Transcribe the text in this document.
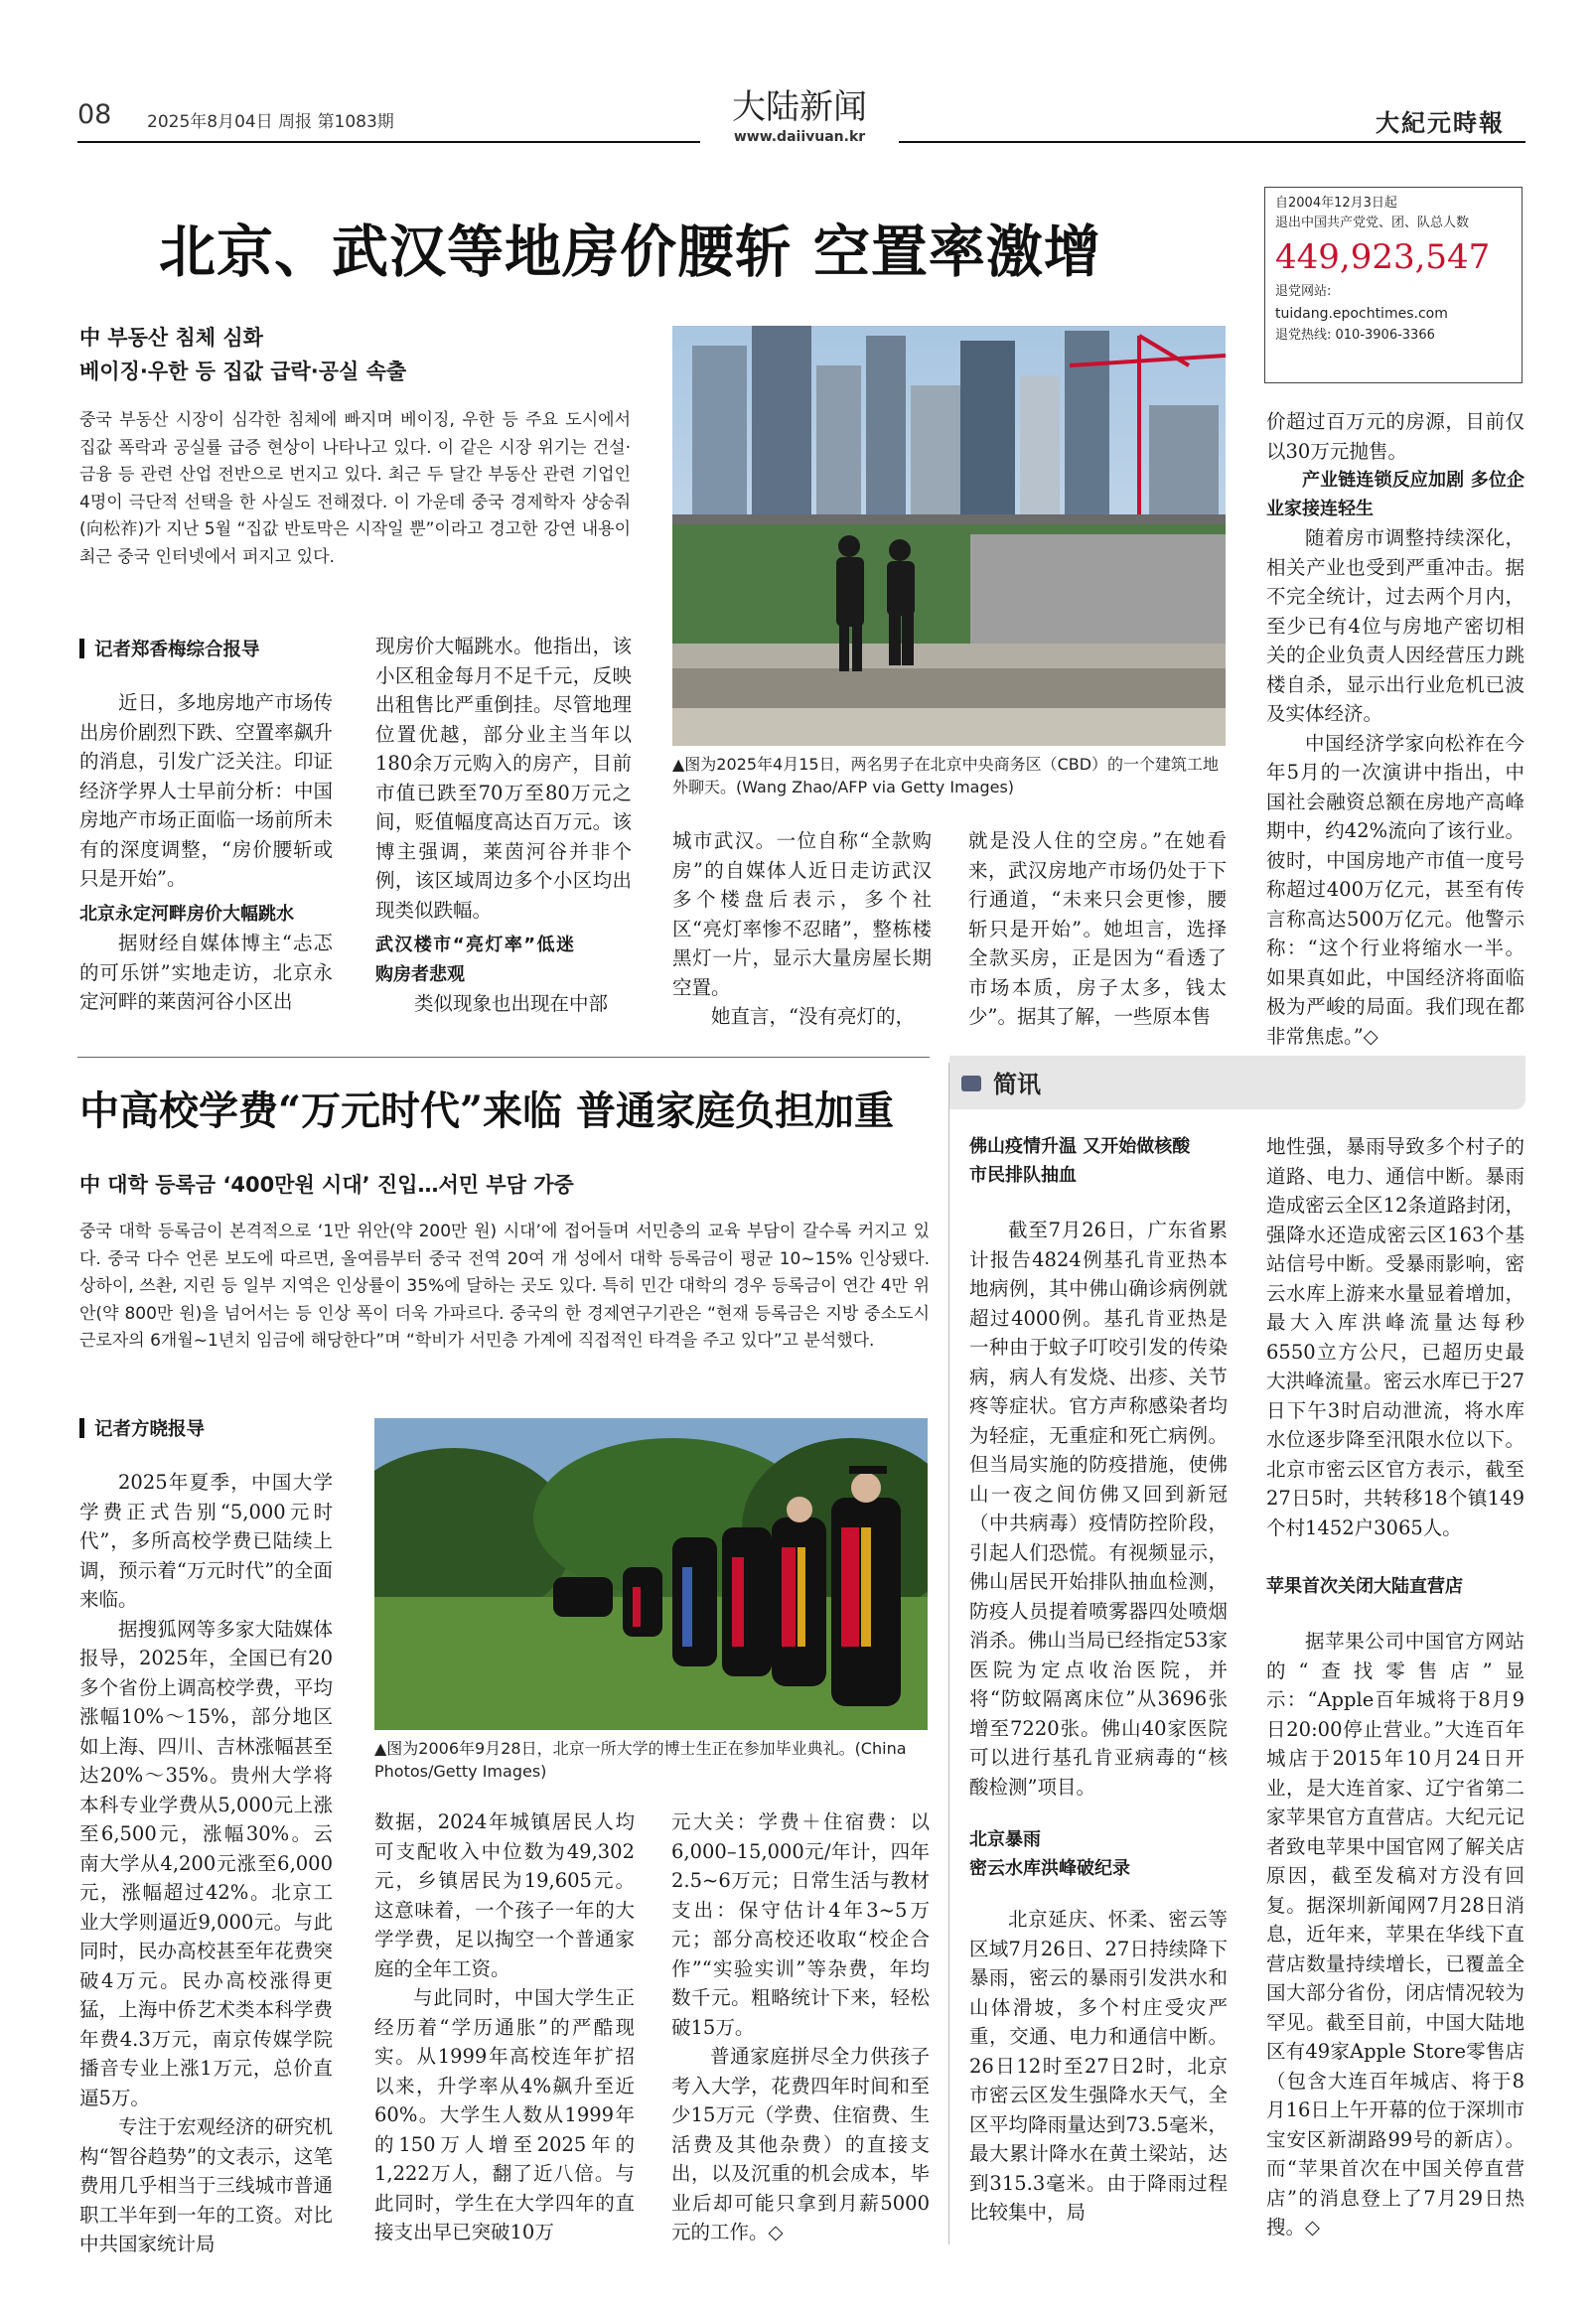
08 2025年8月04日 周报 第1083期	大陆新闻
www.dajiyuan.kr	大紀元時報
北京、武汉等地房价腰斩 空置率激增
自2004年12月3日起
退出中国共产党党、团、队总人数
449,923,547
退党网站:
tuidang.epochtimes.com
退党热线: 010-3906-3366
中 부동산 침체 심화
베이징·우한 등 집값 급락·공실 속출
중국 부동산 시장이 심각한 침체에 빠지며 베이징, 우한 등 주요 도시에서 집값 폭락과 공실률 급증 현상이 나타나고 있다. 이 같은 시장 위기는 건설·금융 등 관련 산업 전반으로 번지고 있다. 최근 두 달간 부동산 관련 기업인 4명이 극단적 선택을 한 사실도 전해졌다. 이 가운데 중국 경제학자 샹숭줘(向松祚)가 지난 5월 “집값 반토막은 시작일 뿐”이라고 경고한 강연 내용이 최근 중국 인터넷에서 퍼지고 있다.
记者郑香梅综合报导

近日，多地房地产市场传出房价剧烈下跌、空置率飙升的消息，引发广泛关注。印证经济学界人士早前分析：中国房地产市场正面临一场前所未有的深度调整，“房价腰斩或只是开始”。

北京永定河畔房价大幅跳水

据财经自媒体博主“忐忑的可乐饼”实地走访，北京永定河畔的莱茵河谷小区出

现房价大幅跳水。他指出，该小区租金每月不足千元，反映出租售比严重倒挂。尽管地理位置优越，部分业主当年以180余万元购入的房产，目前市值已跌至70万至80万元之间，贬值幅度高达百万元。该博主强调，莱茵河谷并非个例，该区域周边多个小区均出现类似跌幅。

武汉楼市“亮灯率”低迷 购房者悲观

类似现象也出现在中部

▲图为2025年4月15日，两名男子在北京中央商务区（CBD）的一个建筑工地外聊天。(Wang Zhao/AFP via Getty Images)

城市武汉。一位自称“全款购房”的自媒体人近日走访武汉多个楼盘后表示，多个社区“亮灯率惨不忍睹”，整栋楼黑灯一片，显示大量房屋长期空置。

她直言，“没有亮灯的，

就是没人住的空房。”在她看来，武汉房地产市场仍处于下行通道，“未来只会更惨，腰斩只是开始”。她坦言，选择全款买房，正是因为“看透了市场本质，房子太多，钱太少”。据其了解，一些原本售

价超过百万元的房源，目前仅以30万元抛售。

产业链连锁反应加剧 多位企业家接连轻生

随着房市调整持续深化，相关产业也受到严重冲击。据不完全统计，过去两个月内，至少已有4位与房地产密切相关的企业负责人因经营压力跳楼自杀，显示出行业危机已波及实体经济。

中国经济学家向松祚在今年5月的一次演讲中指出，中国社会融资总额在房地产高峰期中，约42%流向了该行业。彼时，中国房地产市值一度号称超过400万亿元，甚至有传言称高达500万亿元。他警示称：“这个行业将缩水一半。如果真如此，中国经济将面临极为严峻的局面。我们现在都非常焦虑。”◇

中高校学费“万元时代”来临 普通家庭负担加重
中 대학 등록금 ‘400만원 시대’ 진입…서민 부담 가중
중국 대학 등록금이 본격적으로 ‘1만 위안(약 200만 원) 시대’에 접어들며 서민층의 교육 부담이 갈수록 커지고 있다. 중국 다수 언론 보도에 따르면, 올여름부터 중국 전역 20여 개 성에서 대학 등록금이 평균 10~15% 인상됐다. 상하이, 쓰촨, 지린 등 일부 지역은 인상률이 35%에 달하는 곳도 있다. 특히 민간 대학의 경우 등록금이 연간 4만 위안(약 800만 원)을 넘어서는 등 인상 폭이 더욱 가파르다. 중국의 한 경제연구기관은 “현재 등록금은 지방 중소도시 근로자의 6개월~1년치 임금에 해당한다”며 “학비가 서민층 가계에 직접적인 타격을 주고 있다”고 분석했다.
记者方晓报导

2025年夏季，中国大学学费正式告别“5,000元时代”，多所高校学费已陆续上调，预示着“万元时代”的全面来临。

据搜狐网等多家大陆媒体报导，2025年，全国已有20多个省份上调高校学费，平均涨幅10%～15%，部分地区如上海、四川、吉林涨幅甚至达20%～35%。贵州大学将本科专业学费从5,000元上涨至6,500元，涨幅30%。云南大学从4,200元涨至6,000元，涨幅超过42%。北京工业大学则逼近9,000元。与此同时，民办高校甚至年花费突破4万元。民办高校涨得更猛，上海中侨艺术类本科学费年费4.3万元，南京传媒学院播音专业上涨1万元，总价直逼5万。

专注于宏观经济的研究机构“智谷趋势”的文表示，这笔费用几乎相当于三线城市普通职工半年到一年的工资。对比中共国家统计局

▲图为2006年9月28日，北京一所大学的博士生正在参加毕业典礼。(China Photos/Getty Images)

数据，2024年城镇居民人均可支配收入中位数为49,302元，乡镇居民为19,605元。这意味着，一个孩子一年的大学学费，足以掏空一个普通家庭的全年工资。

与此同时，中国大学生正经历着“学历通胀”的严酷现实。从1999年高校连年扩招以来，升学率从4%飙升至近60%。大学生人数从1999年的150万人增至2025年的1,222万人，翻了近八倍。与此同时，学生在大学四年的直接支出早已突破10万

元大关：学费＋住宿费：以6,000–15,000元/年计，四年2.5~6万元；日常生活与教材支出：保守估计4年3~5万元；部分高校还收取“校企合作”“实验实训”等杂费，年均数千元。粗略统计下来，轻松破15万。

普通家庭拼尽全力供孩子考入大学，花费四年时间和至少15万元（学费、住宿费、生活费及其他杂费）的直接支出，以及沉重的机会成本，毕业后却可能只拿到月薪5000元的工作。◇

简讯
佛山疫情升温 又开始做核酸
市民排队抽血

截至7月26日，广东省累计报告4824例基孔肯亚热本地病例，其中佛山确诊病例就超过4000例。基孔肯亚热是一种由于蚊子叮咬引发的传染病，病人有发烧、出疹、关节疼等症状。官方声称感染者均为轻症，无重症和死亡病例。但当局实施的防疫措施，使佛山一夜之间仿佛又回到新冠（中共病毒）疫情防控阶段，引起人们恐慌。有视频显示，佛山居民开始排队抽血检测，防疫人员提着喷雾器四处喷烟消杀。佛山当局已经指定53家医院为定点收治医院，并将“防蚊隔离床位”从3696张增至7220张。佛山40家医院可以进行基孔肯亚病毒的“核酸检测”项目。

北京暴雨
密云水库洪峰破纪录

北京延庆、怀柔、密云等区域7月26日、27日持续降下暴雨，密云的暴雨引发洪水和山体滑坡，多个村庄受灾严重，交通、电力和通信中断。26日12时至27日2时，北京市密云区发生强降水天气，全区平均降雨量达到73.5毫米，最大累计降水在黄土梁站，达到315.3毫米。由于降雨过程比较集中，局

地性强，暴雨导致多个村子的道路、电力、通信中断。暴雨造成密云全区12条道路封闭，强降水还造成密云区163个基站信号中断。受暴雨影响，密云水库上游来水量显着增加，最大入库洪峰流量达每秒6550立方公尺，已超历史最大洪峰流量。密云水库已于27日下午3时启动泄流，将水库水位逐步降至汛限水位以下。北京市密云区官方表示，截至27日5时，共转移18个镇149个村1452户3065人。

苹果首次关闭大陆直营店

据苹果公司中国官方网站的“查找零售店”显示：“Apple百年城将于8月9日20:00停止营业。”大连百年城店于2015年10月24日开业，是大连首家、辽宁省第二家苹果官方直营店。大纪元记者致电苹果中国官网了解关店原因，截至发稿对方没有回复。据深圳新闻网7月28日消息，近年来，苹果在华线下直营店数量持续增长，已覆盖全国大部分省份，闭店情况较为罕见。截至目前，中国大陆地区有49家Apple Store零售店（包含大连百年城店、将于8月16日上午开幕的位于深圳市宝安区新湖路99号的新店）。而“苹果首次在中国关停直营店”的消息登上了7月29日热搜。◇
